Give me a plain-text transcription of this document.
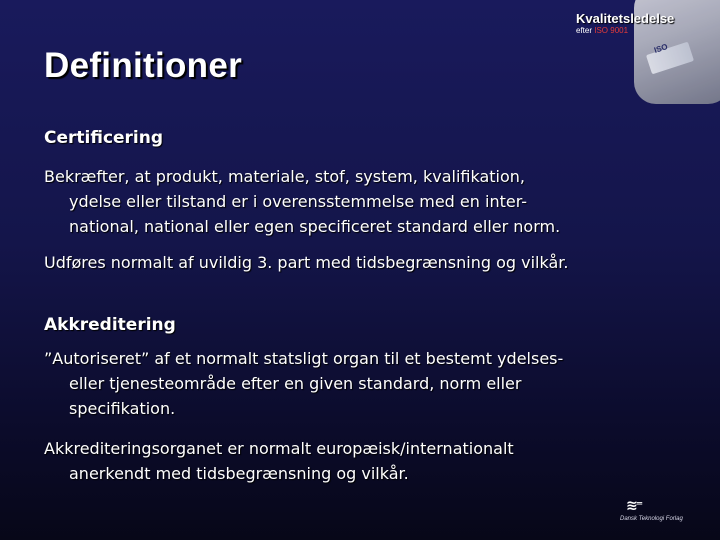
ISO
Kvalitetsledelse
efter ISO 9001
Definitioner
Certificering
Bekræfter, at produkt, materiale, stof, system, kvalifikation,
ydelse eller tilstand er i overensstemmelse med en inter-
national, national eller egen specificeret standard eller norm.
Udføres normalt af uvildig 3. part med tidsbegrænsning og vilkår.
Akkreditering
”Autoriseret” af et normalt statsligt organ til et bestemt ydelses-
eller tjenesteområde efter en given standard, norm eller
specifikation.
Akkrediteringsorganet er normalt europæisk/internationalt
anerkendt med tidsbegrænsning og vilkår.
≋⁼
Dansk Teknologi Forlag
